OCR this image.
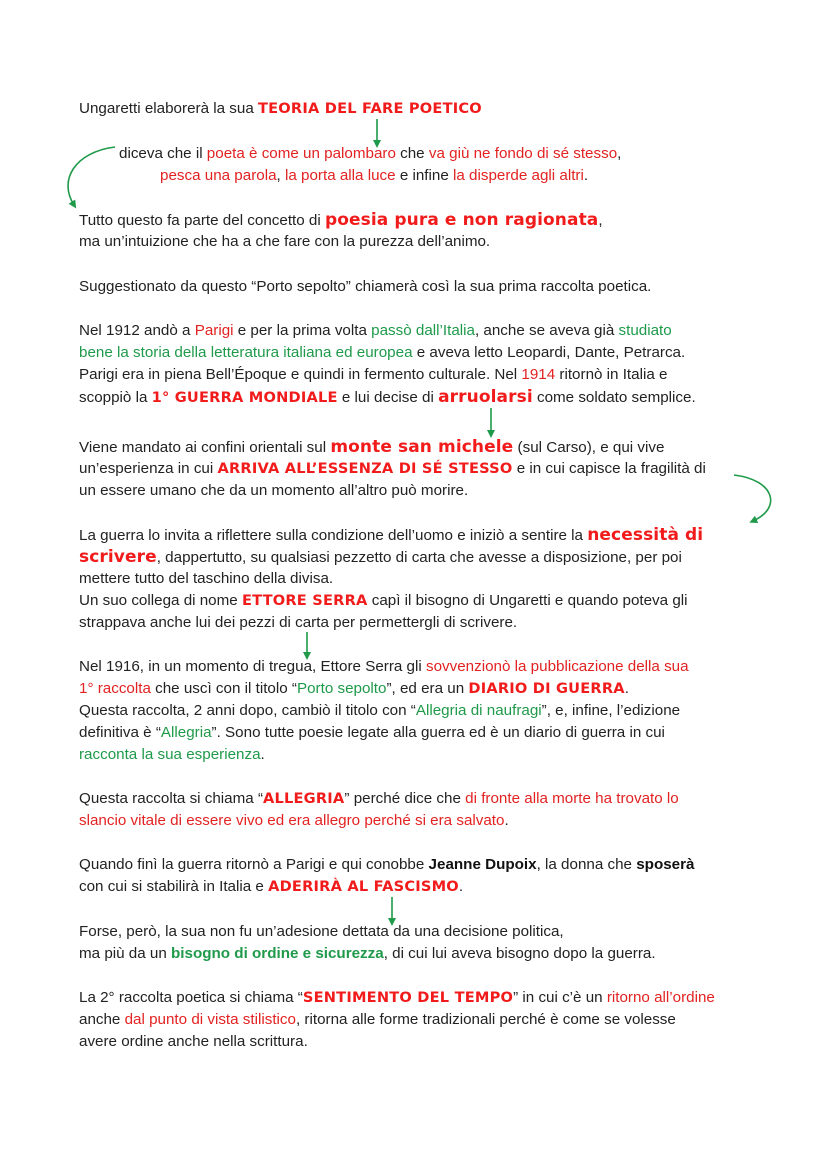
Ungaretti elaborerà la sua TEORIA DEL FARE POETICO
diceva che il poeta è come un palombaro che va giù ne fondo di sé stesso,
pesca una parola, la porta alla luce e infine la disperde agli altri.
Tutto questo fa parte del concetto di poesia pura e non ragionata,
ma un’intuizione che ha a che fare con la purezza dell’animo.
Suggestionato da questo “Porto sepolto” chiamerà così la sua prima raccolta poetica.
Nel 1912 andò a Parigi e per la prima volta passò dall’Italia, anche se aveva già studiato
bene la storia della letteratura italiana ed europea e aveva letto Leopardi, Dante, Petrarca.
Parigi era in piena Bell’Époque e quindi in fermento culturale. Nel 1914 ritornò in Italia e
scoppiò la 1° GUERRA MONDIALE e lui decise di arruolarsi come soldato semplice.
Viene mandato ai confini orientali sul monte san michele (sul Carso), e qui vive
un’esperienza in cui ARRIVA ALL’ESSENZA DI SÉ STESSO e in cui capisce la fragilità di
un essere umano che da un momento all’altro può morire.
La guerra lo invita a riflettere sulla condizione dell’uomo e iniziò a sentire la necessità di
scrivere, dappertutto, su qualsiasi pezzetto di carta che avesse a disposizione, per poi
mettere tutto del taschino della divisa.
Un suo collega di nome ETTORE SERRA capì il bisogno di Ungaretti e quando poteva gli
strappava anche lui dei pezzi di carta per permettergli di scrivere.
Nel 1916, in un momento di tregua, Ettore Serra gli sovvenzionò la pubblicazione della sua
1° raccolta che uscì con il titolo “Porto sepolto”, ed era un DIARIO DI GUERRA.
Questa raccolta, 2 anni dopo, cambiò il titolo con “Allegria di naufragi”, e, infine, l’edizione
definitiva è “Allegria”. Sono tutte poesie legate alla guerra ed è un diario di guerra in cui
racconta la sua esperienza.
Questa raccolta si chiama “ALLEGRIA” perché dice che di fronte alla morte ha trovato lo
slancio vitale di essere vivo ed era allegro perché si era salvato.
Quando finì la guerra ritornò a Parigi e qui conobbe Jeanne Dupoix, la donna che sposerà
con cui si stabilirà in Italia e ADERIRÀ AL FASCISMO.
Forse, però, la sua non fu un’adesione dettata da una decisione politica,
ma più da un bisogno di ordine e sicurezza, di cui lui aveva bisogno dopo la guerra.
La 2° raccolta poetica si chiama “SENTIMENTO DEL TEMPO” in cui c’è un ritorno all’ordine
anche dal punto di vista stilistico, ritorna alle forme tradizionali perché è come se volesse
avere ordine anche nella scrittura.
